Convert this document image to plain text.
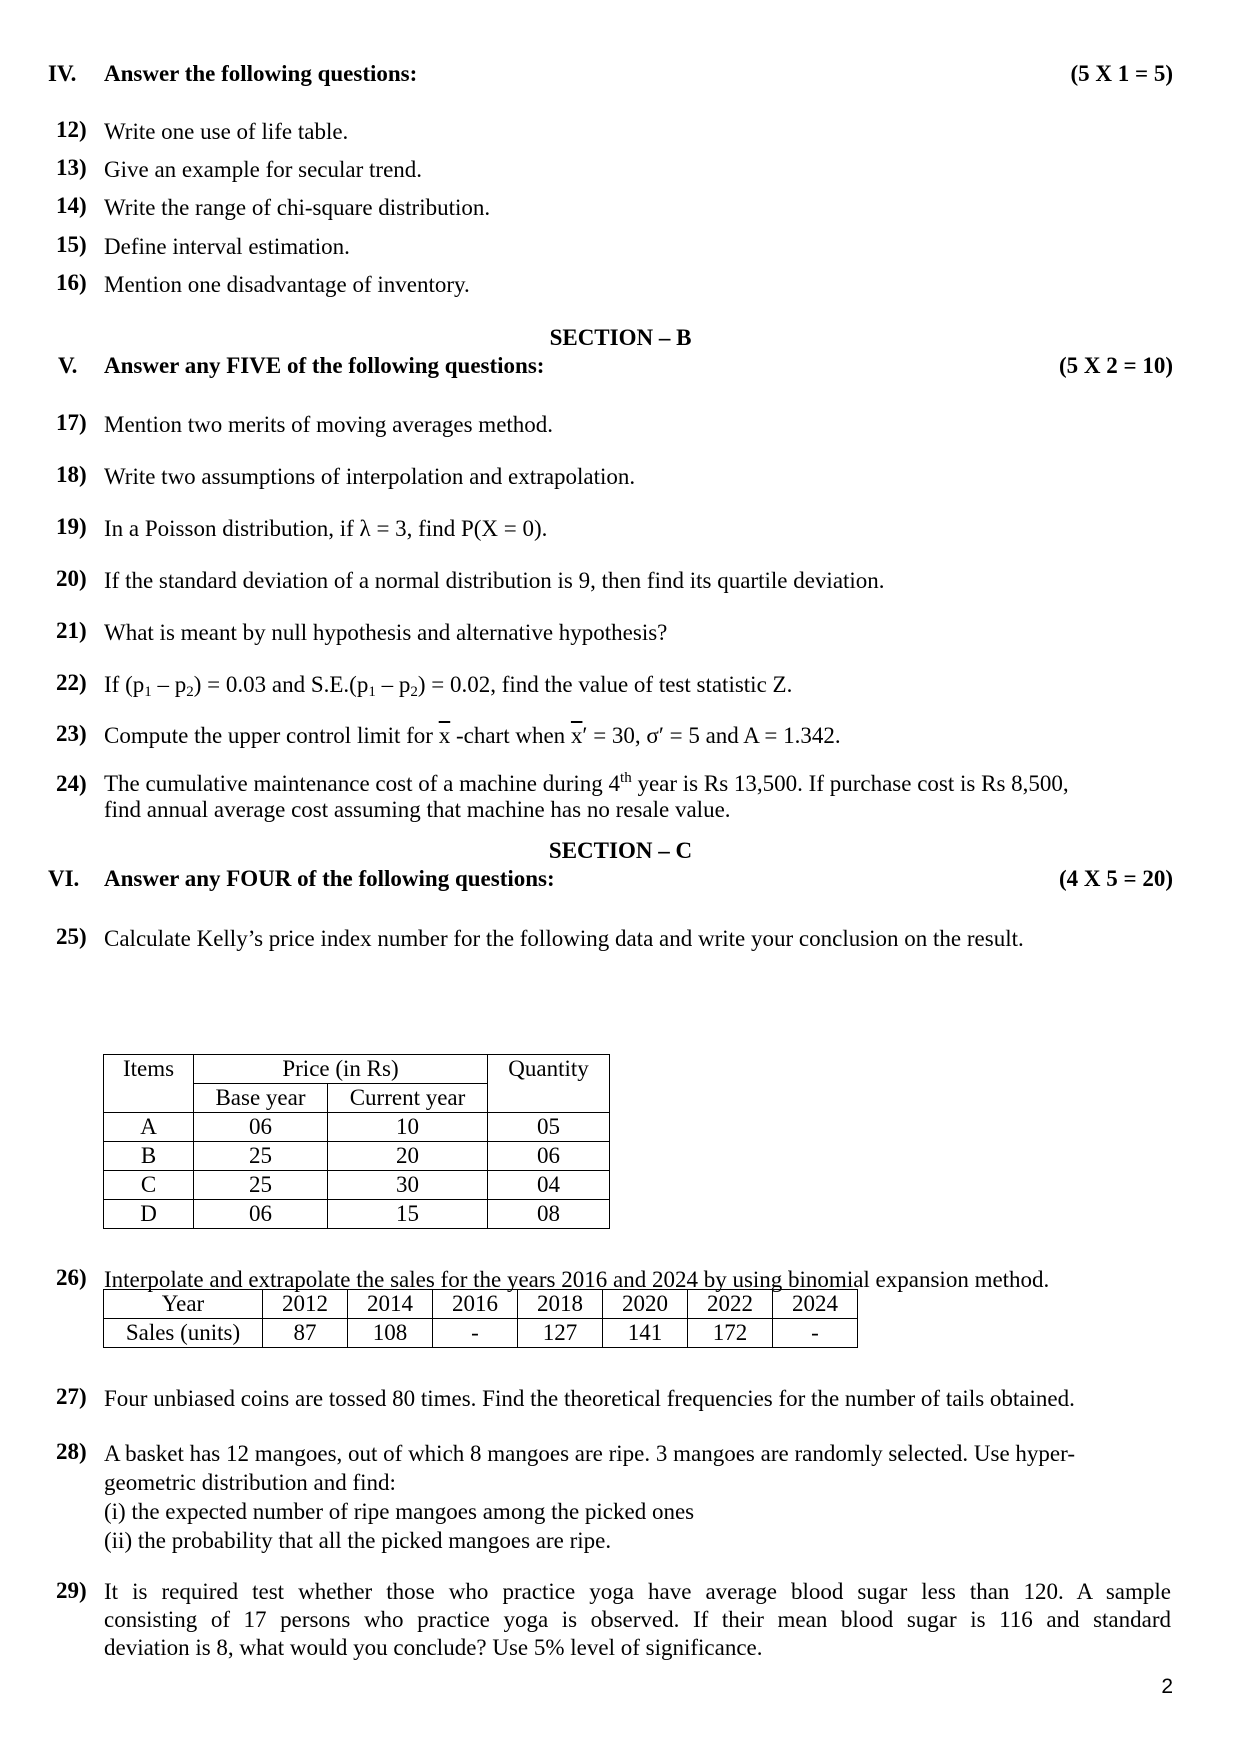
IV. Answer the following questions:	(5 X 1 = 5)
12) Write one use of life table.
13) Give an example for secular trend.
14) Write the range of chi-square distribution.
15) Define interval estimation.
16) Mention one disadvantage of inventory.
SECTION – B
V. Answer any FIVE of the following questions:	(5 X 2 = 10)
17) Mention two merits of moving averages method.
18) Write two assumptions of interpolation and extrapolation.
19) In a Poisson distribution, if λ = 3, find P(X = 0).
20) If the standard deviation of a normal distribution is 9, then find its quartile deviation.
21) What is meant by null hypothesis and alternative hypothesis?
22) If $(p_1 - p_2) = 0.03$ and $S.E.(p_1 - p_2) = 0.02$, find the value of test statistic Z.
23) Compute the upper control limit for $\overline{x}$ -chart when $\overline{x}' = 30$, σ′ = 5 and A = 1.342.
24) The cumulative maintenance cost of a machine during 4th year is Rs 13,500. If purchase cost is Rs 8,500,
find annual average cost assuming that machine has no resale value.
SECTION – C
VI. Answer any FOUR of the following questions:	(4 X 5 = 20)
25) Calculate Kelly’s price index number for the following data and write your conclusion on the result.
Items	Price (in Rs)		Quantity
	Base year	Current year	
A	06	10	05
B	25	20	06
C	25	30	04
D	06	15	08
26) Interpolate and extrapolate the sales for the years 2016 and 2024 by using binomial expansion method.
Year	2012	2014	2016	2018	2020	2022	2024
Sales (units)	87	108	-	127	141	172	-
27) Four unbiased coins are tossed 80 times. Find the theoretical frequencies for the number of tails obtained.
28) A basket has 12 mangoes, out of which 8 mangoes are ripe. 3 mangoes are randomly selected. Use hyper-
geometric distribution and find:
(i) the expected number of ripe mangoes among the picked ones
(ii) the probability that all the picked mangoes are ripe.
29) It is required test whether those who practice yoga have average blood sugar less than 120. A sample
consisting of 17 persons who practice yoga is observed. If their mean blood sugar is 116 and standard
deviation is 8, what would you conclude? Use 5% level of significance.
2
